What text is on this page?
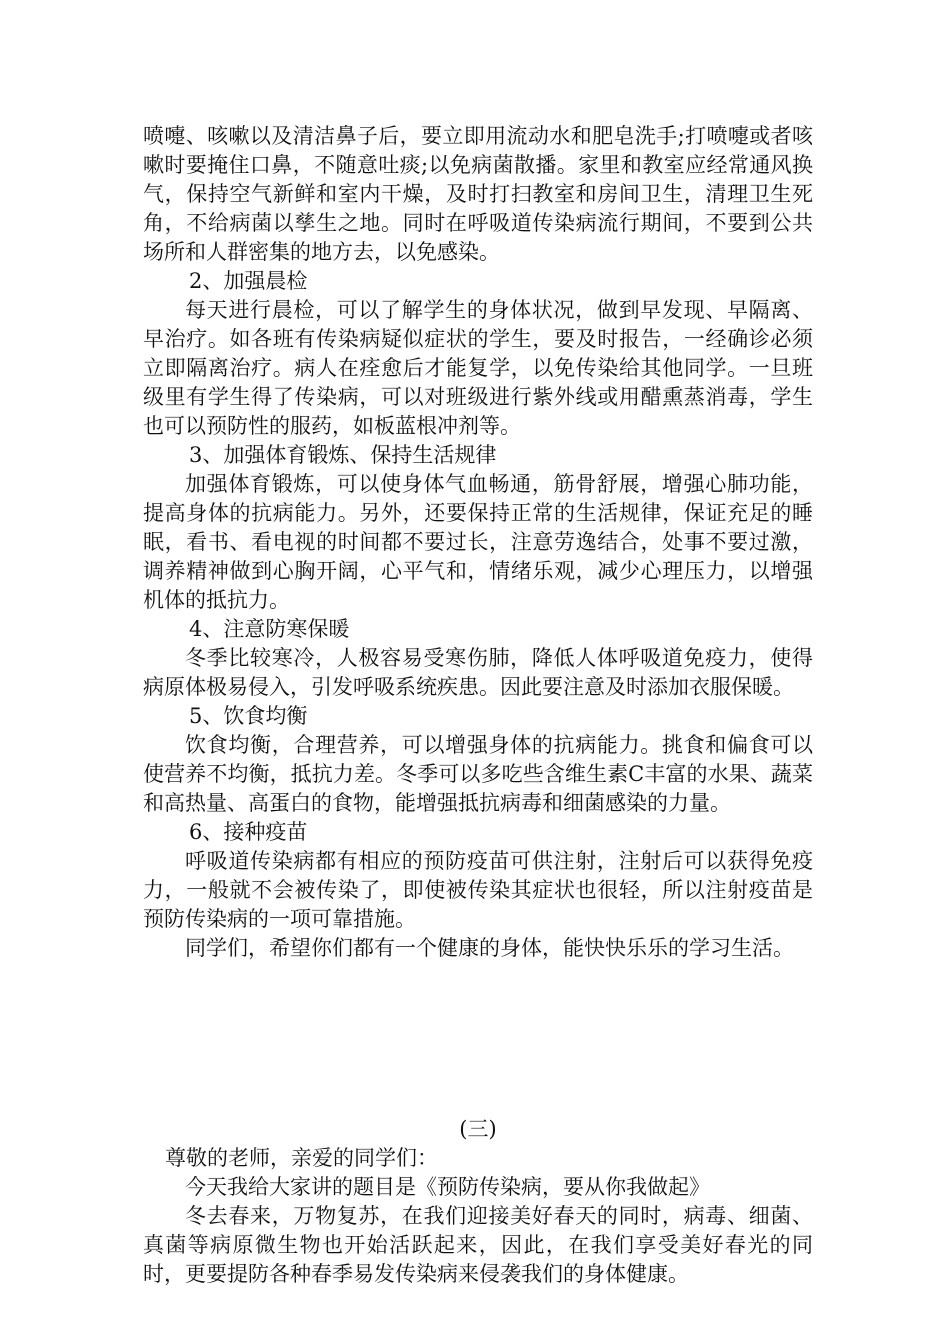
喷嚏、咳嗽以及清洁鼻子后，要立即用流动水和肥皂洗手;打喷嚏或者咳嗽时要掩住口鼻，不随意吐痰;以免病菌散播。家里和教室应经常通风换气，保持空气新鲜和室内干燥，及时打扫教室和房间卫生，清理卫生死角，不给病菌以孳生之地。同时在呼吸道传染病流行期间，不要到公共场所和人群密集的地方去，以免感染。

2、加强晨检

每天进行晨检，可以了解学生的身体状况，做到早发现、早隔离、早治疗。如各班有传染病疑似症状的学生，要及时报告，一经确诊必须立即隔离治疗。病人在痊愈后才能复学，以免传染给其他同学。一旦班级里有学生得了传染病，可以对班级进行紫外线或用醋熏蒸消毒，学生也可以预防性的服药，如板蓝根冲剂等。

3、加强体育锻炼、保持生活规律

加强体育锻炼，可以使身体气血畅通，筋骨舒展，增强心肺功能，提高身体的抗病能力。另外，还要保持正常的生活规律，保证充足的睡眠，看书、看电视的时间都不要过长，注意劳逸结合，处事不要过激，调养精神做到心胸开阔，心平气和，情绪乐观，减少心理压力，以增强机体的抵抗力。

4、注意防寒保暖

冬季比较寒冷，人极容易受寒伤肺，降低人体呼吸道免疫力，使得病原体极易侵入，引发呼吸系统疾患。因此要注意及时添加衣服保暖。

5、饮食均衡

饮食均衡，合理营养，可以增强身体的抗病能力。挑食和偏食可以使营养不均衡，抵抗力差。冬季可以多吃些含维生素C丰富的水果、蔬菜和高热量、高蛋白的食物，能增强抵抗病毒和细菌感染的力量。

6、接种疫苗

呼吸道传染病都有相应的预防疫苗可供注射，注射后可以获得免疫力，一般就不会被传染了，即使被传染其症状也很轻，所以注射疫苗是预防传染病的一项可靠措施。

同学们，希望你们都有一个健康的身体，能快快乐乐的学习生活。

(三)

尊敬的老师，亲爱的同学们：

今天我给大家讲的题目是《预防传染病，要从你我做起》

冬去春来，万物复苏，在我们迎接美好春天的同时，病毒、细菌、真菌等病原微生物也开始活跃起来，因此，在我们享受美好春光的同时，更要提防各种春季易发传染病来侵袭我们的身体健康。
